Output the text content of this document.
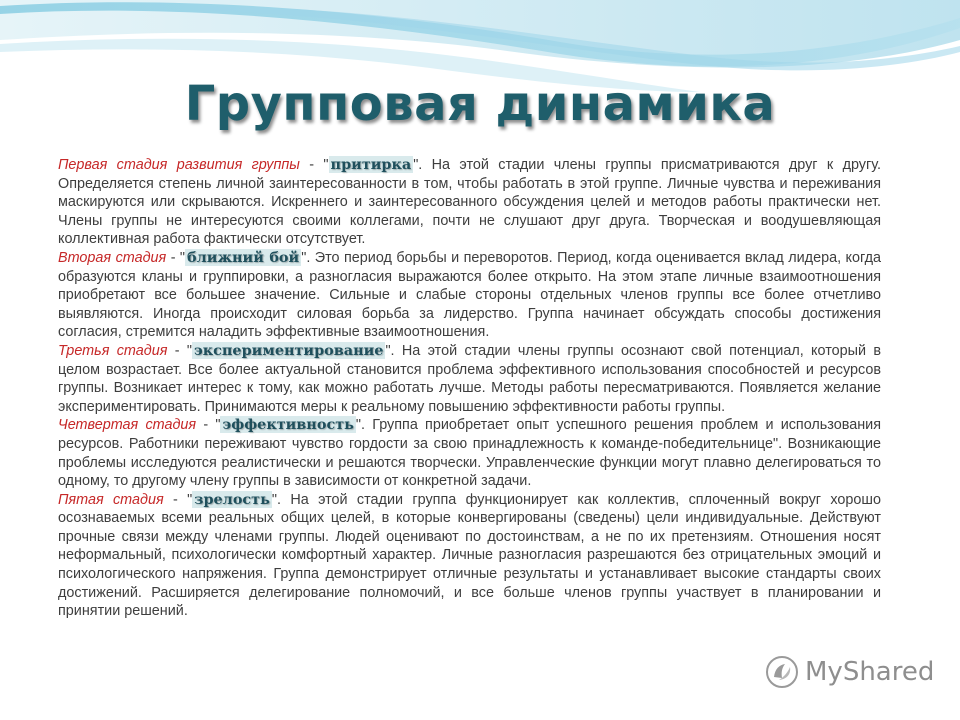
Групповая динамика

Первая стадия развития группы - " притирка ". На этой стадии члены группы присматриваются друг к другу. Определяется степень личной заинтересованности в том, чтобы работать в этой группе. Личные чувства и переживания маскируются или скрываются. Искреннего и заинтересованного обсуждения целей и методов работы практически нет. Члены группы не интересуются своими коллегами, почти не слушают друг друга. Творческая и воодушевляющая коллективная работа фактически отсутствует.

Вторая стадия - " ближний бой ". Это период борьбы и переворотов. Период, когда оценивается вклад лидера, когда образуются кланы и группировки, а разногласия выражаются более открыто. На этом этапе личные взаимоотношения приобретают все большее значение. Сильные и слабые стороны отдельных членов группы все более отчетливо выявляются. Иногда происходит силовая борьба за лидерство. Группа начинает обсуждать способы достижения согласия, стремится наладить эффективные взаимоотношения.

Третья стадия - " экспериментирование ". На этой стадии члены группы осознают свой потенциал, который в целом возрастает. Все более актуальной становится проблема эффективного использования способностей и ресурсов группы. Возникает интерес к тому, как можно работать лучше. Методы работы пересматриваются. Появляется желание экспериментировать. Принимаются меры к реальному повышению эффективности работы группы.

Четвертая стадия - " эффективность ". Группа приобретает опыт успешного решения проблем и использования ресурсов. Работники переживают чувство гордости за свою принадлежность к команде-победительнице". Возникающие проблемы исследуются реалистически и решаются творчески. Управленческие функции могут плавно делегироваться то одному, то другому члену группы в зависимости от конкретной задачи.

Пятая стадия - " зрелость ". На этой стадии группа функционирует как коллектив, сплоченный вокруг хорошо осознаваемых всеми реальных общих целей, в которые конвергированы (сведены) цели индивидуальные. Действуют прочные связи между членами группы. Людей оценивают по достоинствам, а не по их претензиям. Отношения носят неформальный, психологически комфортный характер. Личные разногласия разрешаются без отрицательных эмоций и психологического напряжения. Группа демонстрирует отличные результаты и устанавливает высокие стандарты своих достижений. Расширяется делегирование полномочий, и все больше членов группы участвует в планировании и принятии решений.

MyShared
